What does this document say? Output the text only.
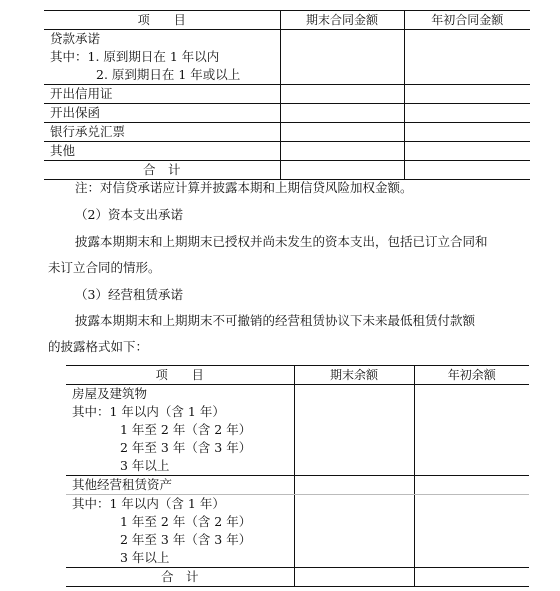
项　　目	期末合同金额	年初合同金额

贷款承诺
其中：1. 原到期日在 1 年以内
2. 原到期日在 1 年或以上		

开出信用证		
开出保函		
银行承兑汇票		
其他		
合　计		
注：对信贷承诺应计算并披露本期和上期信贷风险加权金额。
（2）资本支出承诺
披露本期期末和上期期末已授权并尚未发生的资本支出，包括已订立合同和
未订立合同的情形。
（3）经营租赁承诺
披露本期期末和上期期末不可撤销的经营租赁协议下未来最低租赁付款额
的披露格式如下：
项　　目	期末余额	年初余额

房屋及建筑物
其中：1 年以内（含 1 年）
1 年至 2 年（含 2 年）
2 年至 3 年（含 3 年）
3 年以上		

其他经营租赁资产		

其中：1 年以内（含 1 年）
1 年至 2 年（含 2 年）
2 年至 3 年（含 3 年）
3 年以上		

合　计		
